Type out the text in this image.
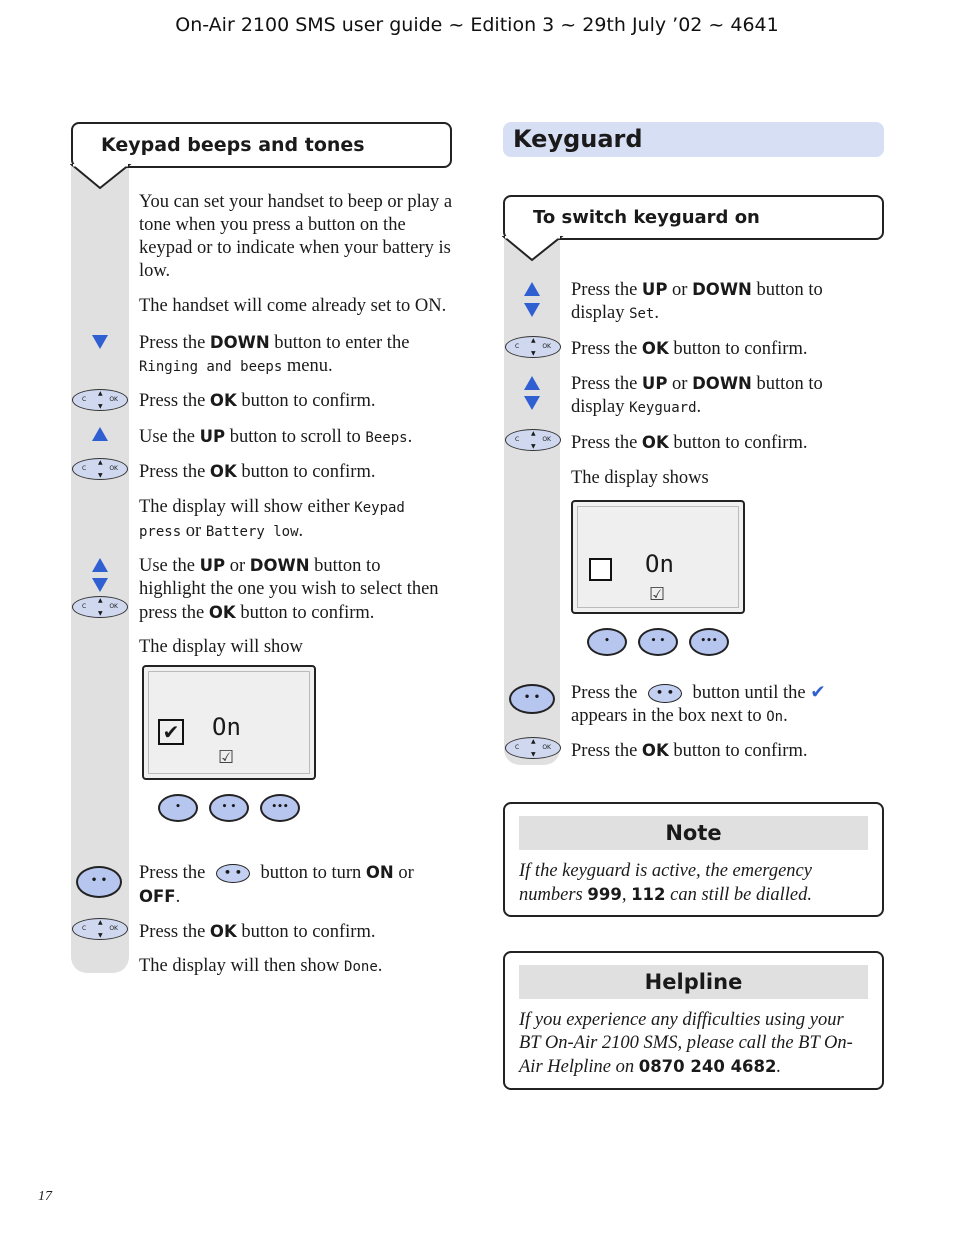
On-Air 2100 SMS user guide ~ Edition 3 ~ 29th July ’02 ~ 4641
Keypad beeps and tones
You can set your handset to beep or play a tone when you press a button on the keypad or to indicate when your battery is low.
The handset will come already set to ON.
Press the DOWN button to enter the Ringing and beeps menu.
C
▲
▼
OK Press the OK button to confirm.
Use the UP button to scroll to Beeps.
C
▲
▼
OK Press the OK button to confirm.
The display will show either Keypad press or Battery low.
C
▲
▼
OK
Use the UP or DOWN button to highlight the one you wish to select then press the OK button to confirm.
The display will show
✔ On
☑
•	• •	•••
• •	Press the • • button to turn ON or OFF.
C
▲
▼
OK Press the OK button to confirm.
The display will then show Done.
Keyguard
To switch keyguard on
Press the UP or DOWN button to display Set.
C
▲
▼
OK Press the OK button to confirm.
Press the UP or DOWN button to display Keyguard.
C
▲
▼
OK Press the OK button to confirm.
The display shows
On
☑
•	• •	•••
• •	Press the • • button until the ✔ appears in the box next to On.
C
▲
▼
OK Press the OK button to confirm.
Note
If the keyguard is active, the emergency numbers 999, 112 can still be dialled.
Helpline
If you experience any difficulties using your BT On-Air 2100 SMS, please call the BT On-Air Helpline on 0870 240 4682.
17
